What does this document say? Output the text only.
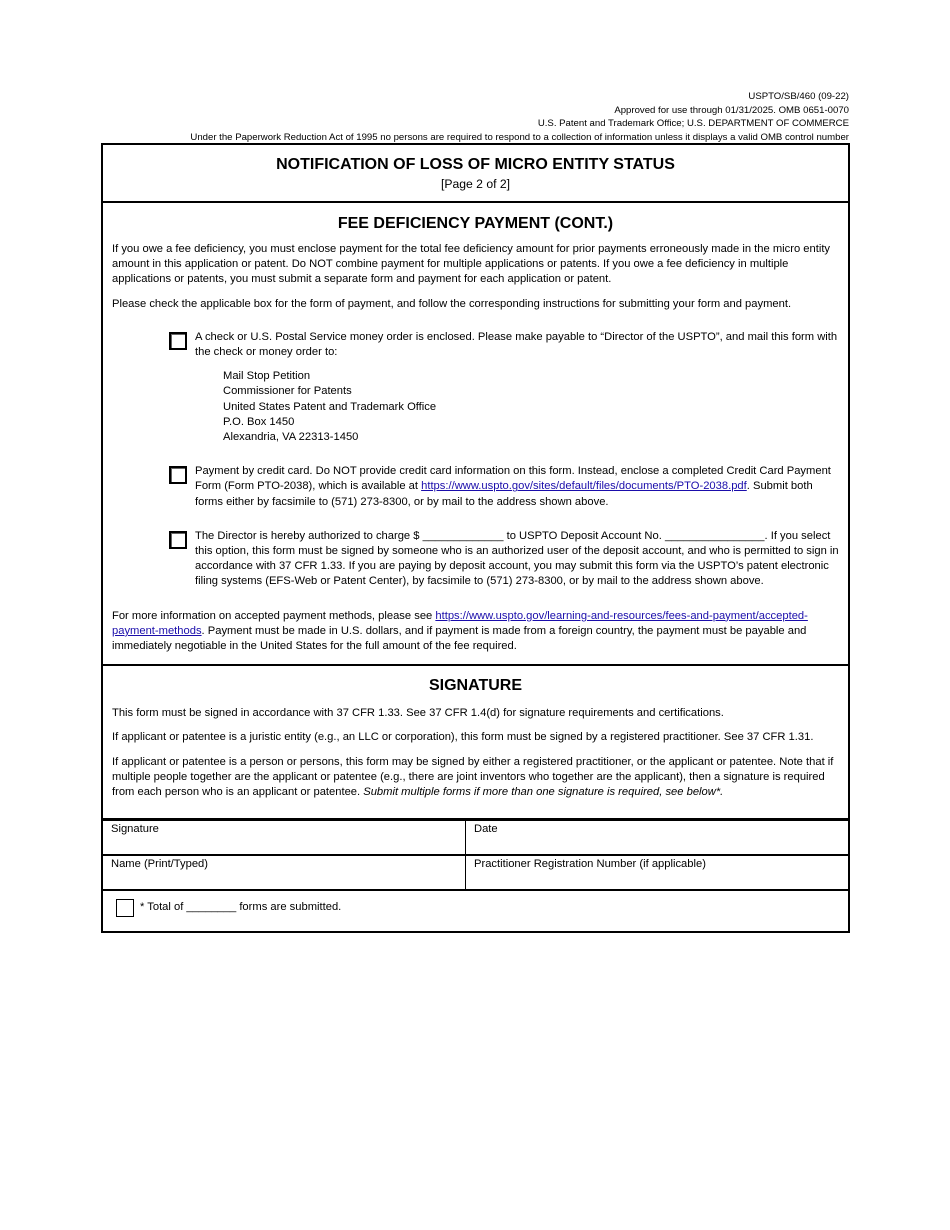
USPTO/SB/460 (09-22)
Approved for use through 01/31/2025. OMB 0651-0070
U.S. Patent and Trademark Office; U.S. DEPARTMENT OF COMMERCE
Under the Paperwork Reduction Act of 1995 no persons are required to respond to a collection of information unless it displays a valid OMB control number
NOTIFICATION OF LOSS OF MICRO ENTITY STATUS
[Page 2 of 2]
FEE DEFICIENCY PAYMENT (CONT.)

If you owe a fee deficiency, you must enclose payment for the total fee deficiency amount for prior payments erroneously made in the micro entity amount in this application or patent. Do NOT combine payment for multiple applications or patents. If you owe a fee deficiency in multiple applications or patents, you must submit a separate form and payment for each application or patent.

Please check the applicable box for the form of payment, and follow the corresponding instructions for submitting your form and payment.

A check or U.S. Postal Service money order is enclosed. Please make payable to “Director of the USPTO”, and mail this form with the check or money order to:

Mail Stop Petition

Commissioner for Patents

United States Patent and Trademark Office

P.O. Box 1450

Alexandria, VA 22313-1450

Payment by credit card. Do NOT provide credit card information on this form. Instead, enclose a completed Credit Card Payment Form (Form PTO-2038), which is available at https://www.uspto.gov/sites/default/files/documents/PTO-2038.pdf. Submit both forms either by facsimile to (571) 273-8300, or by mail to the address shown above.

The Director is hereby authorized to charge $ _____________ to USPTO Deposit Account No. ________________. If you select this option, this form must be signed by someone who is an authorized user of the deposit account, and who is permitted to sign in accordance with 37 CFR 1.33. If you are paying by deposit account, you may submit this form via the USPTO’s patent electronic filing systems (EFS-Web or Patent Center), by facsimile to (571) 273-8300, or by mail to the address shown above.

For more information on accepted payment methods, please see https://www.uspto.gov/learning-and-resources/fees-and-payment/accepted-payment-methods. Payment must be made in U.S. dollars, and if payment is made from a foreign country, the payment must be payable and immediately negotiable in the United States for the full amount of the fee required.

SIGNATURE

This form must be signed in accordance with 37 CFR 1.33. See 37 CFR 1.4(d) for signature requirements and certifications.

If applicant or patentee is a juristic entity (e.g., an LLC or corporation), this form must be signed by a registered practitioner. See 37 CFR 1.31.

If applicant or patentee is a person or persons, this form may be signed by either a registered practitioner, or the applicant or patentee. Note that if multiple people together are the applicant or patentee (e.g., there are joint inventors who together are the applicant), then a signature is required from each person who is an applicant or patentee. Submit multiple forms if more than one signature is required, see below*.

Signature	Date
Name (Print/Typed)	Practitioner Registration Number (if applicable)
* Total of ________ forms are submitted.
